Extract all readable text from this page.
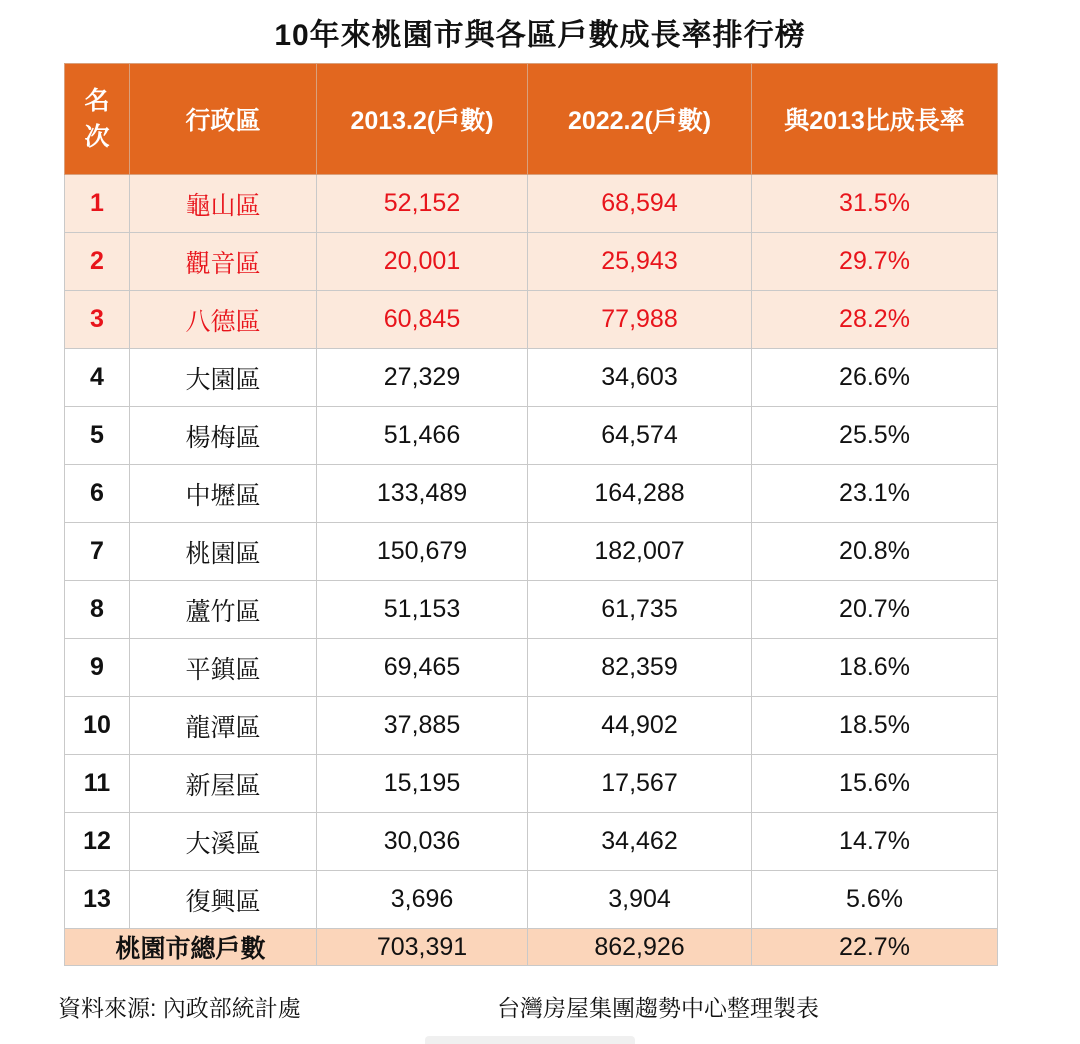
10年來桃園市與各區戶數成長率排行榜
名
次	行政區	2013.2(戶數)	2022.2(戶數)	與2013比成長率
1	龜山區	52,152	68,594	31.5%
2	觀音區	20,001	25,943	29.7%
3	八德區	60,845	77,988	28.2%
4	大園區	27,329	34,603	26.6%
5	楊梅區	51,466	64,574	25.5%
6	中壢區	133,489	164,288	23.1%
7	桃園區	150,679	182,007	20.8%
8	蘆竹區	51,153	61,735	20.7%
9	平鎮區	69,465	82,359	18.6%
10	龍潭區	37,885	44,902	18.5%
11	新屋區	15,195	17,567	15.6%
12	大溪區	30,036	34,462	14.7%
13	復興區	3,696	3,904	5.6%
桃園市總戶數		703,391	862,926	22.7%
資料來源: 內政部統計處	台灣房屋集團趨勢中心整理製表
